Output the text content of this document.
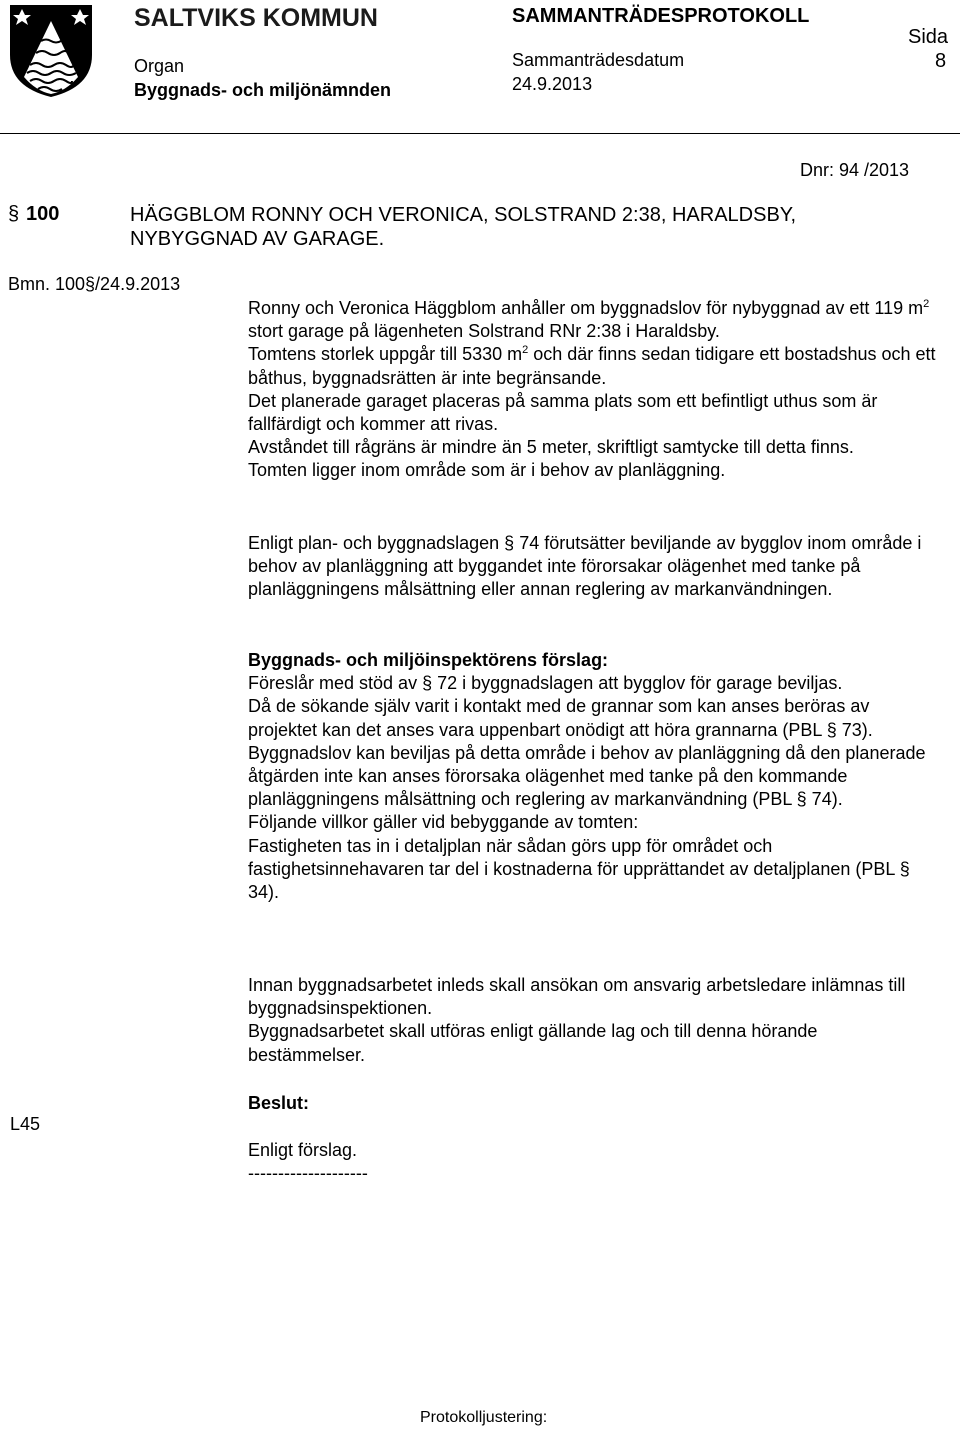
SALTVIKS KOMMUN
Organ
Byggnads- och miljönämnden
SAMMANTRÄDESPROTOKOLL
Sammanträdesdatum
24.9.2013
Sida
8
Dnr: 94 /2013
§ 100	HÄGGBLOM RONNY OCH VERONICA, SOLSTRAND 2:38, HARALDSBY,
NYBYGGNAD AV GARAGE.
Bmn. 100§/24.9.2013

Ronny och Veronica Häggblom anhåller om byggnadslov för nybyggnad av ett 119 $m^2$ stort garage på lägenheten Solstrand RNr 2:38 i Haraldsby.

Tomtens storlek uppgår till 5330 $m^2$ och där finns sedan tidigare ett bostadshus och ett båthus, byggnadsrätten är inte begränsande.

Det planerade garaget placeras på samma plats som ett befintligt uthus som är fallfärdigt och kommer att rivas.

Avståndet till rågräns är mindre än 5 meter, skriftligt samtycke till detta finns.

Tomten ligger inom område som är i behov av planläggning.

Enligt plan- och byggnadslagen § 74 förutsätter beviljande av bygglov inom område i behov av planläggning att byggandet inte förorsakar olägenhet med tanke på planläggningens målsättning eller annan reglering av markanvändningen.

Byggnads- och miljöinspektörens förslag:

Föreslår med stöd av § 72 i byggnadslagen att bygglov för garage beviljas.

Då de sökande själv varit i kontakt med de grannar som kan anses beröras av projektet kan det anses vara uppenbart onödigt att höra grannarna (PBL § 73).

Byggnadslov kan beviljas på detta område i behov av planläggning då den planerade åtgärden inte kan anses förorsaka olägenhet med tanke på den kommande planläggningens målsättning och reglering av markanvändning (PBL § 74).

Följande villkor gäller vid bebyggande av tomten:

Fastigheten tas in i detaljplan när sådan görs upp för området och fastighetsinnehavaren tar del i kostnaderna för upprättandet av detaljplanen (PBL § 34).

Innan byggnadsarbetet inleds skall ansökan om ansvarig arbetsledare inlämnas till byggnadsinspektionen.

Byggnadsarbetet skall utföras enligt gällande lag och till denna hörande bestämmelser.

Beslut:

L45

Enligt förslag.

--------------------
Protokolljustering:
